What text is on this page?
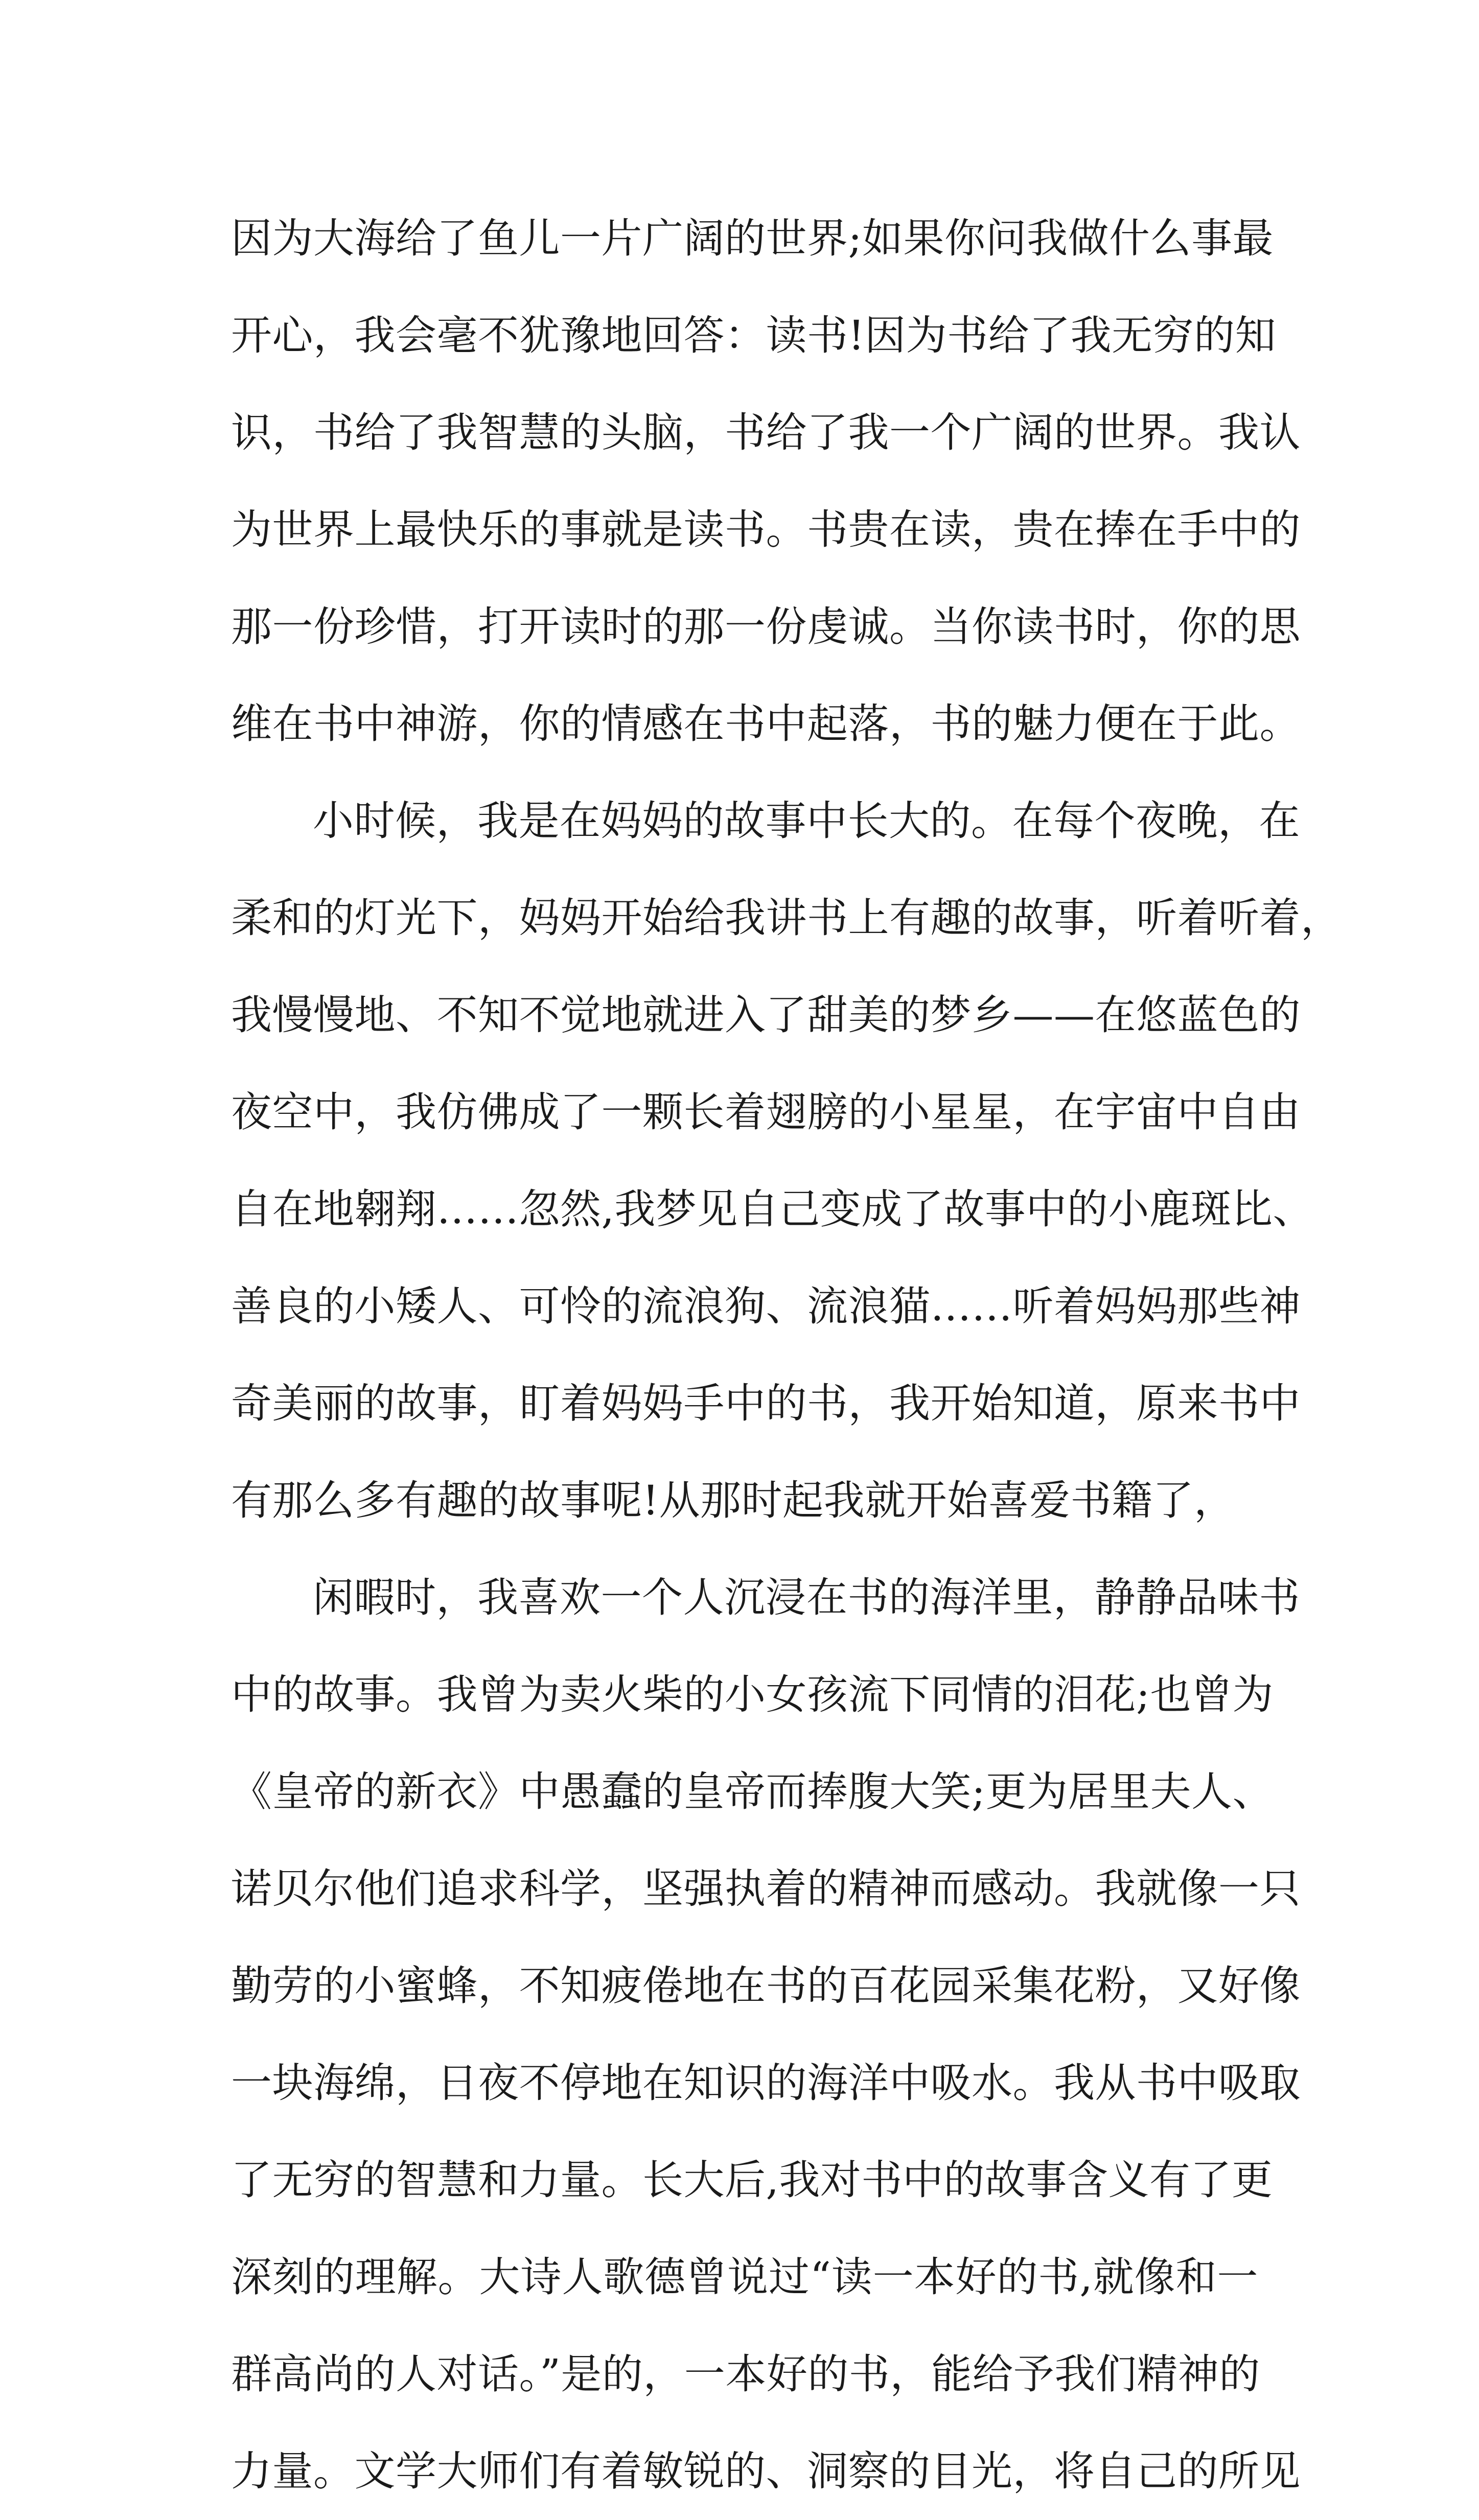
因为大海给了鱼儿一片广阔的世界;如果你问我做什么事最
开心，我会毫不犹豫地回答：读书!因为书给了我无穷的知
识，书给了我智慧的头脑，书给了我一个广阔的世界。我认
为世界上最快乐的事就是读书。书贵在读，贵在捧在手中的
那一份珍惜，打开读时的那一份虔诚。当你读书时，你的思
维在书中神游，你的情感在书中起落，书的魅力便在于此。
小时候，我是在妈妈的故事中长大的。在每个夜晚，在
柔和的灯光下，妈妈开始给我讲书上有趣的故事，听着听着，
我慢慢地、不知不觉地就进入了甜美的梦乡——在悠蓝色的
夜空中，我仿佛成了一颗长着翅膀的小星星，在宇宙中自由
自在地翱翔……忽然,我梦见自己变成了故事中的小鹿斑比、
善良的小矮人、可怜的流浪狗、流浪猫……听着妈妈那些神
奇美丽的故事，盯着妈妈手中的书，我开始知道，原来书中
有那么多有趣的故事呢!从那时起我就开始喜爱书籍了，
闲暇时，我喜欢一个人沉浸在书的海洋里，静静品味书
中的故事。我曾为卖火柴的小女孩流下同情的泪花;也曾为
《皇帝的新衣》中愚蠢的皇帝而捧腹大笑;更为居里夫人、
诺贝尔他们追求科学，坚强执着的精神而感动。我就像一只
勤劳的小蜜蜂，不知疲倦地在书的百花园采集花粉，又好像
一块海绵，日夜不停地在知识的海洋中吸水。我从书中吸取
了无穷的智慧和力量。长大后,我对书中的故事含义有了更
深刻的理解。大诗人歌德曾说过“读一本好的书,就像和一
群高尚的人对话。”是的，一本好的书，能给予我们精神的
力量。文学大师们有着敏锐的、洞察的目光，将自己的所见
